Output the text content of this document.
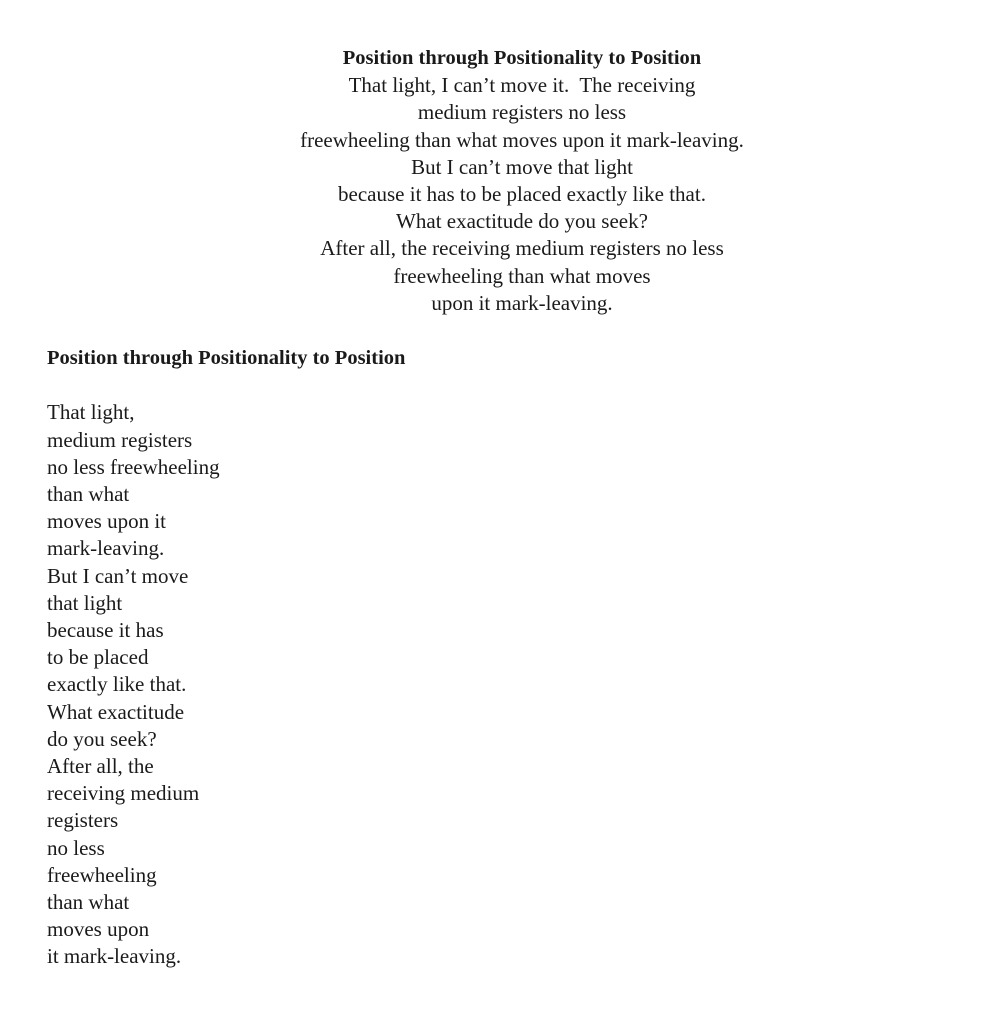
Position through Positionality to Position
That light, I can’t move it.  The receiving
medium registers no less
freewheeling than what moves upon it mark-leaving.
But I can’t move that light
because it has to be placed exactly like that.
What exactitude do you seek?
After all, the receiving medium registers no less
freewheeling than what moves
upon it mark-leaving.
Position through Positionality to Position
That light,
medium registers
no less freewheeling
than what
moves upon it
mark-leaving.
But I can’t move
that light
because it has
to be placed
exactly like that.
What exactitude
do you seek?
After all, the
receiving medium
registers
no less
freewheeling
than what
moves upon
it mark-leaving.
